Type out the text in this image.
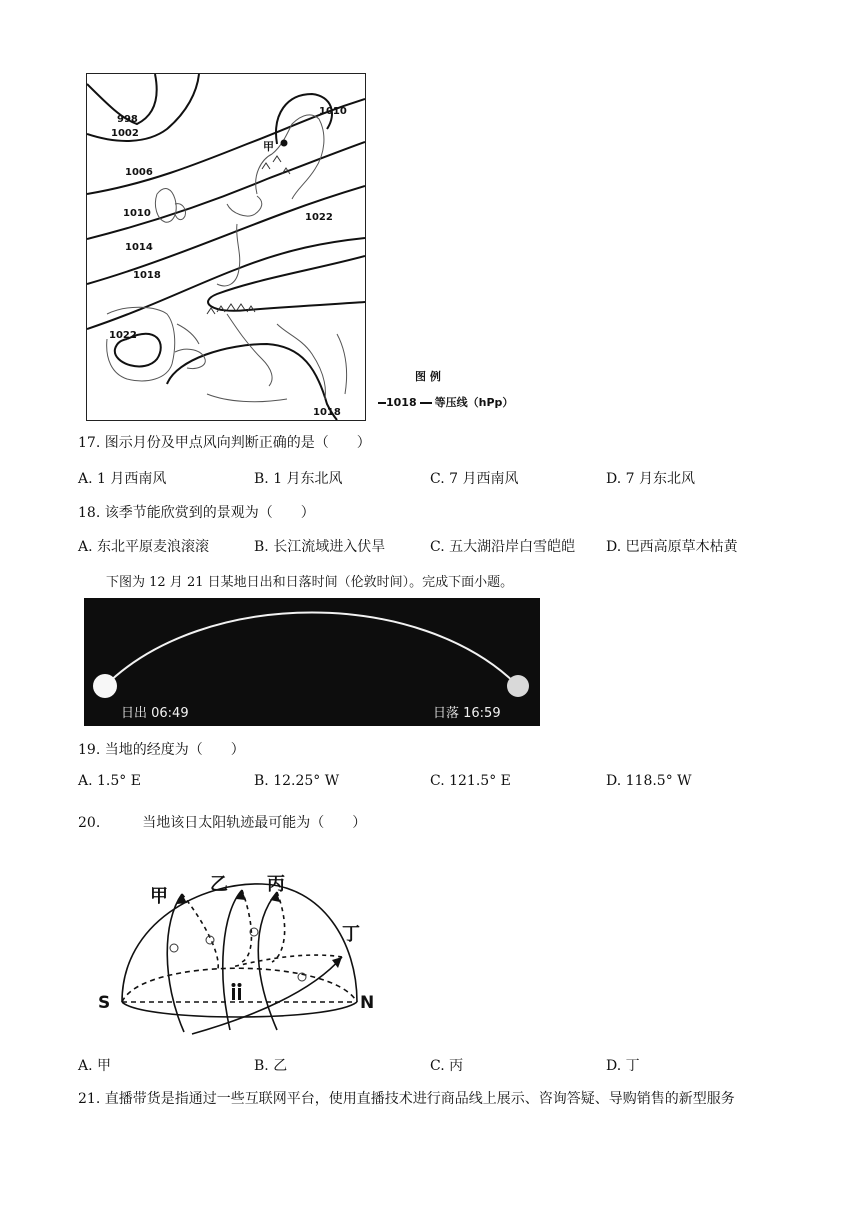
998
1002
1006
1010
1014
1018
1022
1022
1010
1018
甲
图 例
1018 等压线（hPp）
17. 图示月份及甲点风向判断正确的是（　　）
A. 1 月西南风	B. 1 月东北风	C. 7 月西南风	D. 7 月东北风
18. 该季节能欣赏到的景观为（　　）
A. 东北平原麦浪滚滚	B. 长江流域进入伏旱	C. 五大湖沿岸白雪皑皑 D. 巴西高原草木枯黄
下图为 12 月 21 日某地日出和日落时间（伦敦时间）。完成下面小题。
日出 06:49	日落 16:59
19. 当地的经度为（　　）
A. 1.5° E	B. 12.25° W	C. 121.5° E	D. 118.5° W
20.　　　当地该日太阳轨迹最可能为（　　）
甲
乙 丙
丁
S	N
A. 甲	B. 乙	C. 丙	D. 丁
21. 直播带货是指通过一些互联网平台，使用直播技术进行商品线上展示、咨询答疑、导购销售的新型服务
